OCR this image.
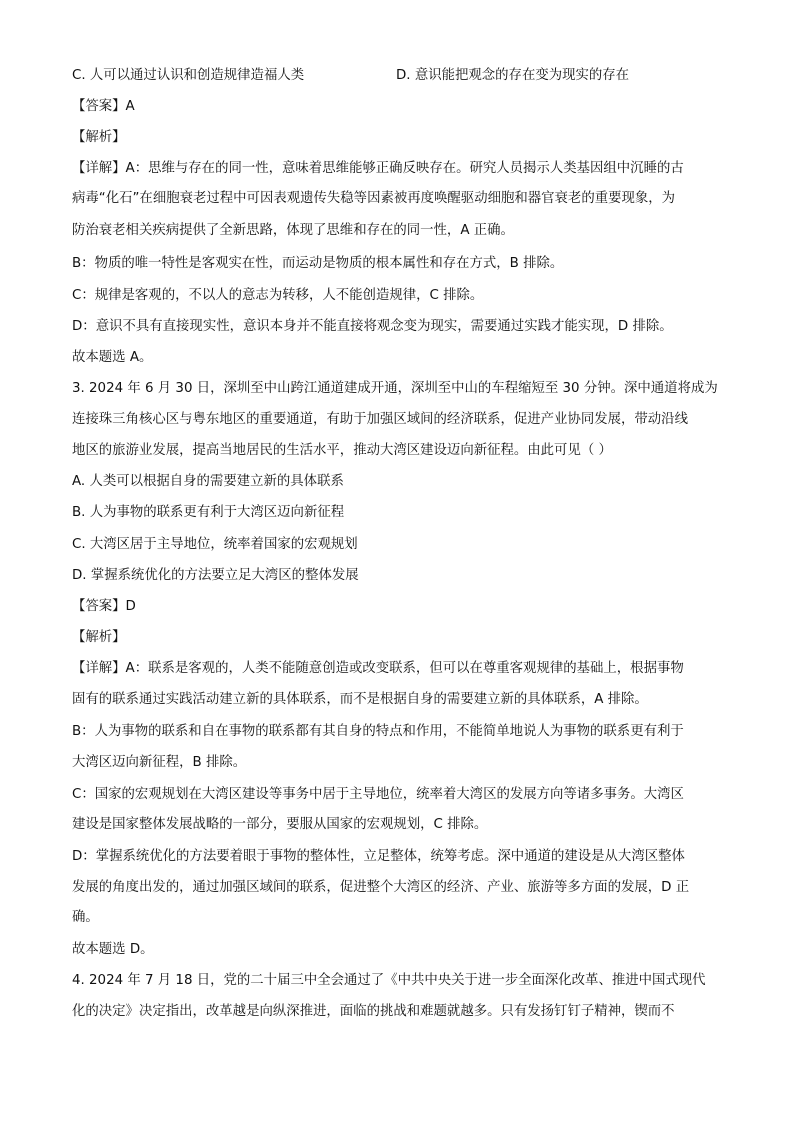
C. 人可以通过认识和创造规律造福人类	D. 意识能把观念的存在变为现实的存在
【答案】A
【解析】
【详解】A：思维与存在的同一性，意味着思维能够正确反映存在。研究人员揭示人类基因组中沉睡的古
病毒“化石”在细胞衰老过程中可因表观遗传失稳等因素被再度唤醒驱动细胞和器官衰老的重要现象，为
防治衰老相关疾病提供了全新思路，体现了思维和存在的同一性，A 正确。
B：物质的唯一特性是客观实在性，而运动是物质的根本属性和存在方式，B 排除。
C：规律是客观的，不以人的意志为转移，人不能创造规律，C 排除。
D：意识不具有直接现实性，意识本身并不能直接将观念变为现实，需要通过实践才能实现，D 排除。
故本题选 A。
3. 2024 年 6 月 30 日，深圳至中山跨江通道建成开通，深圳至中山的车程缩短至 30 分钟。深中通道将成为
连接珠三角核心区与粤东地区的重要通道，有助于加强区域间的经济联系，促进产业协同发展，带动沿线
地区的旅游业发展，提高当地居民的生活水平，推动大湾区建设迈向新征程。由此可见（ ）
A. 人类可以根据自身的需要建立新的具体联系
B. 人为事物的联系更有利于大湾区迈向新征程
C. 大湾区居于主导地位，统率着国家的宏观规划
D. 掌握系统优化的方法要立足大湾区的整体发展
【答案】D
【解析】
【详解】A：联系是客观的，人类不能随意创造或改变联系，但可以在尊重客观规律的基础上，根据事物
固有的联系通过实践活动建立新的具体联系，而不是根据自身的需要建立新的具体联系，A 排除。
B：人为事物的联系和自在事物的联系都有其自身的特点和作用，不能简单地说人为事物的联系更有利于
大湾区迈向新征程，B 排除。
C：国家的宏观规划在大湾区建设等事务中居于主导地位，统率着大湾区的发展方向等诸多事务。大湾区
建设是国家整体发展战略的一部分，要服从国家的宏观规划，C 排除。
D：掌握系统优化的方法要着眼于事物的整体性，立足整体，统筹考虑。深中通道的建设是从大湾区整体
发展的角度出发的，通过加强区域间的联系，促进整个大湾区的经济、产业、旅游等多方面的发展，D 正
确。
故本题选 D。
4. 2024 年 7 月 18 日，党的二十届三中全会通过了《中共中央关于进一步全面深化改革、推进中国式现代
化的决定》决定指出，改革越是向纵深推进，面临的挑战和难题就越多。只有发扬钉钉子精神，锲而不
